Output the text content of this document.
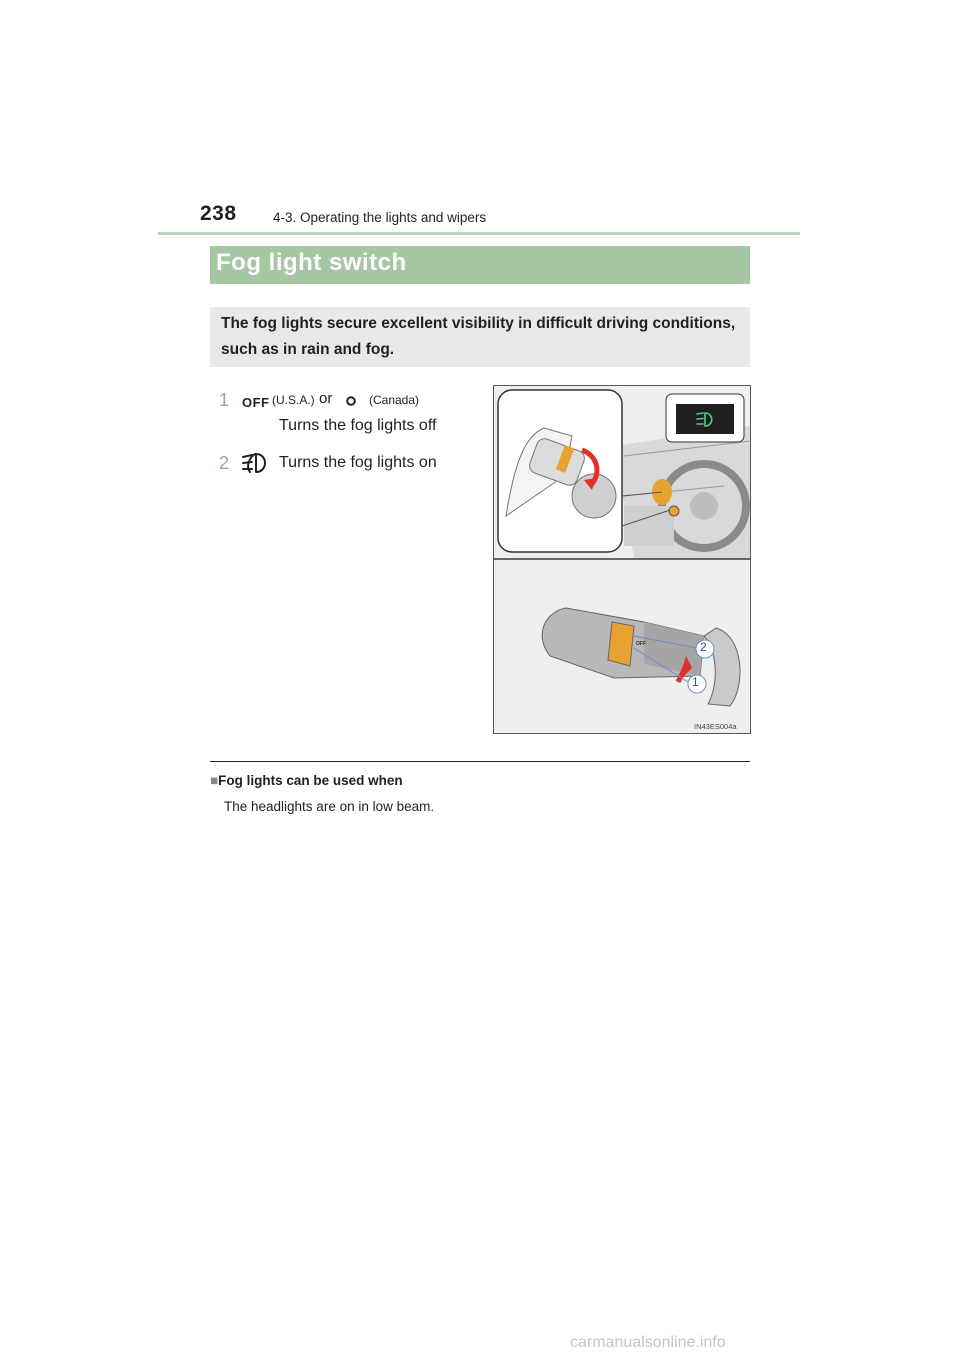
238	4-3. Operating the lights and wipers
Fog light switch

The fog lights secure excellent visibility in difficult driving conditions, such as in rain and fog.

1 OFF (U.S.A.) or	(Canada)
Turns the fog lights off
2	Turns the fog lights on
2
1
OFF
IN43ES004a
■Fog lights can be used when
The headlights are on in low beam.
carmanualsonline.info
